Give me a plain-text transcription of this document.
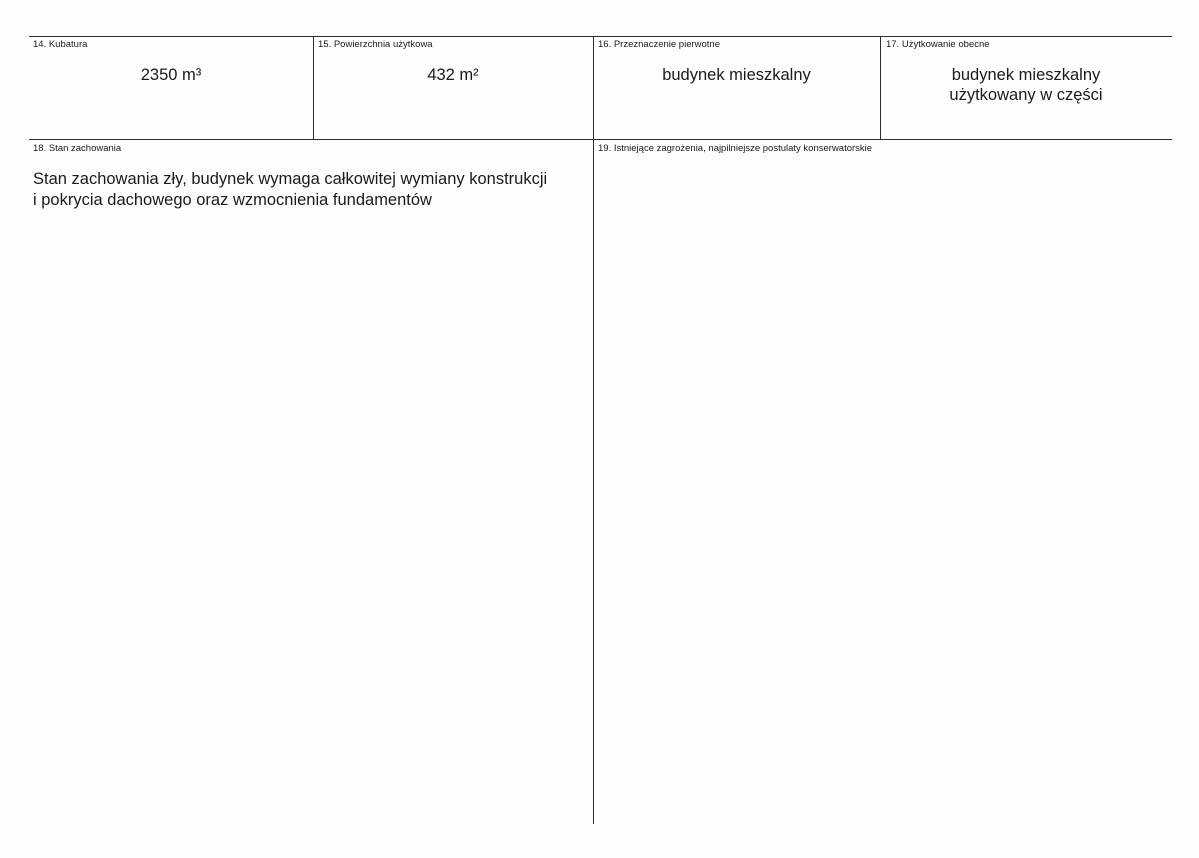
14. Kubatura
2350 m³
15. Powierzchnia użytkowa
432 m²
16. Przeznaczenie pierwotne
budynek mieszkalny
17. Użytkowanie obecne
budynek mieszkalny
użytkowany w części
18. Stan zachowania
Stan zachowania zły, budynek wymaga całkowitej wymiany konstrukcji
i pokrycia dachowego oraz wzmocnienia fundamentów
19. Istniejące zagrożenia, najpilniejsze postulaty konserwatorskie
